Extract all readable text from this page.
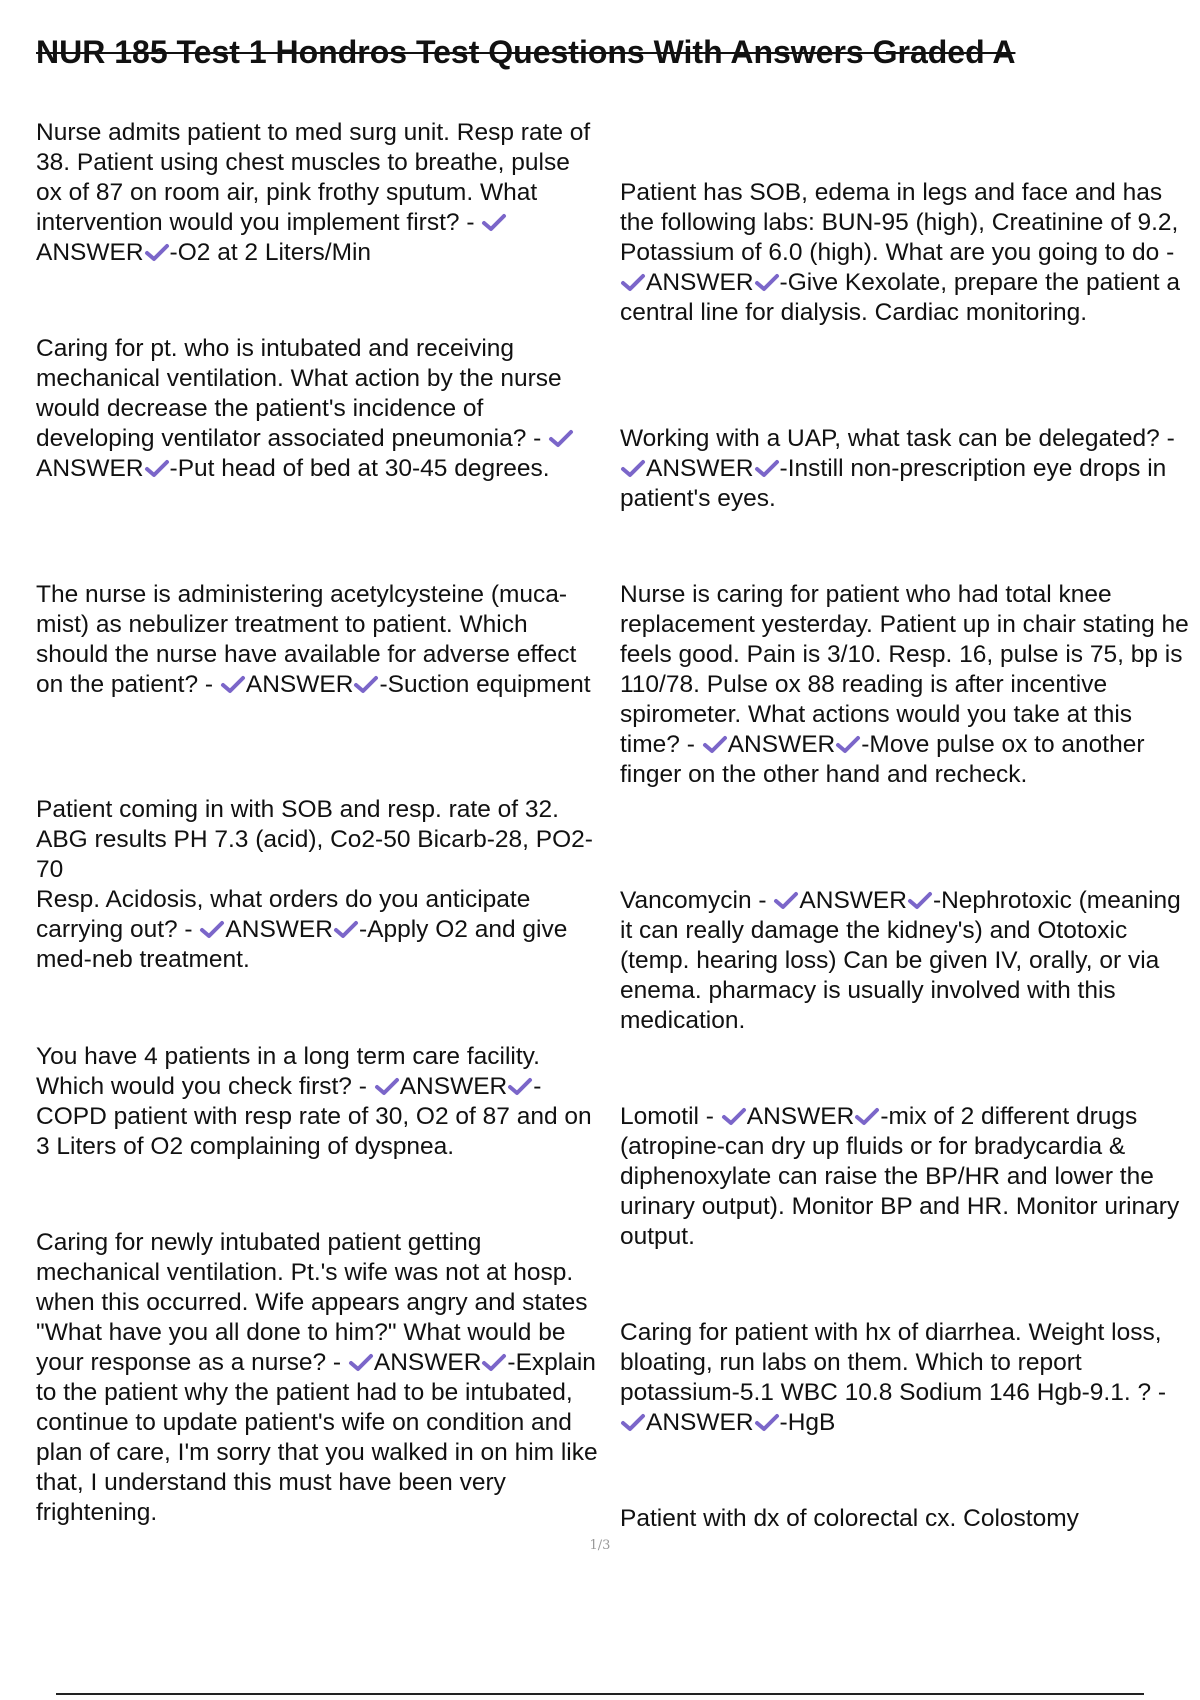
NUR 185 Test 1 Hondros Test Questions With Answers Graded A
Nurse admits patient to med surg unit. Resp rate of 38. Patient using chest muscles to breathe, pulse ox of 87 on room air, pink frothy sputum. What intervention would you implement first? -
ANSWER -O2 at 2 Liters/Min
Caring for pt. who is intubated and receiving mechanical ventilation. What action by the nurse would decrease the patient's incidence of developing ventilator associated pneumonia? -
ANSWER -Put head of bed at 30-45 degrees.
The nurse is administering acetylcysteine (muca-mist) as nebulizer treatment to patient. Which should the nurse have available for adverse effect on the patient? - ANSWER -Suction equipment
Patient coming in with SOB and resp. rate of 32. ABG results PH 7.3 (acid), Co2-50 Bicarb-28, PO2-70
Resp. Acidosis, what orders do you anticipate carrying out? - ANSWER -Apply O2 and give med-neb treatment.
You have 4 patients in a long term care facility. Which would you check first? - ANSWER -COPD patient with resp rate of 30, O2 of 87 and on 3 Liters of O2 complaining of dyspnea.
Caring for newly intubated patient getting mechanical ventilation. Pt.'s wife was not at hosp. when this occurred. Wife appears angry and states "What have you all done to him?" What would be your response as a nurse? - ANSWER -Explain to the patient why the patient had to be intubated, continue to update patient's wife on condition and plan of care, I'm sorry that you walked in on him like that, I understand this must have been very frightening.
Patient has SOB, edema in legs and face and has the following labs: BUN-95 (high), Creatinine of 9.2, Potassium of 6.0 (high). What are you going to do -
ANSWER -Give Kexolate, prepare the patient a central line for dialysis. Cardiac monitoring.
Working with a UAP, what task can be delegated? -
ANSWER -Instill non-prescription eye drops in patient's eyes.
Nurse is caring for patient who had total knee replacement yesterday. Patient up in chair stating he feels good. Pain is 3/10. Resp. 16, pulse is 75, bp is 110/78. Pulse ox 88 reading is after incentive spirometer. What actions would you take at this time? - ANSWER -Move pulse ox to another finger on the other hand and recheck.
Vancomycin - ANSWER -Nephrotoxic (meaning it can really damage the kidney's) and Ototoxic (temp. hearing loss) Can be given IV, orally, or via enema. pharmacy is usually involved with this medication.
Lomotil - ANSWER -mix of 2 different drugs (atropine-can dry up fluids or for bradycardia & diphenoxylate can raise the BP/HR and lower the urinary output). Monitor BP and HR. Monitor urinary output.
Caring for patient with hx of diarrhea. Weight loss, bloating, run labs on them. Which to report potassium-5.1 WBC 10.8 Sodium 146 Hgb-9.1. ? -
ANSWER -HgB
Patient with dx of colorectal cx. Colostomy
1/3
